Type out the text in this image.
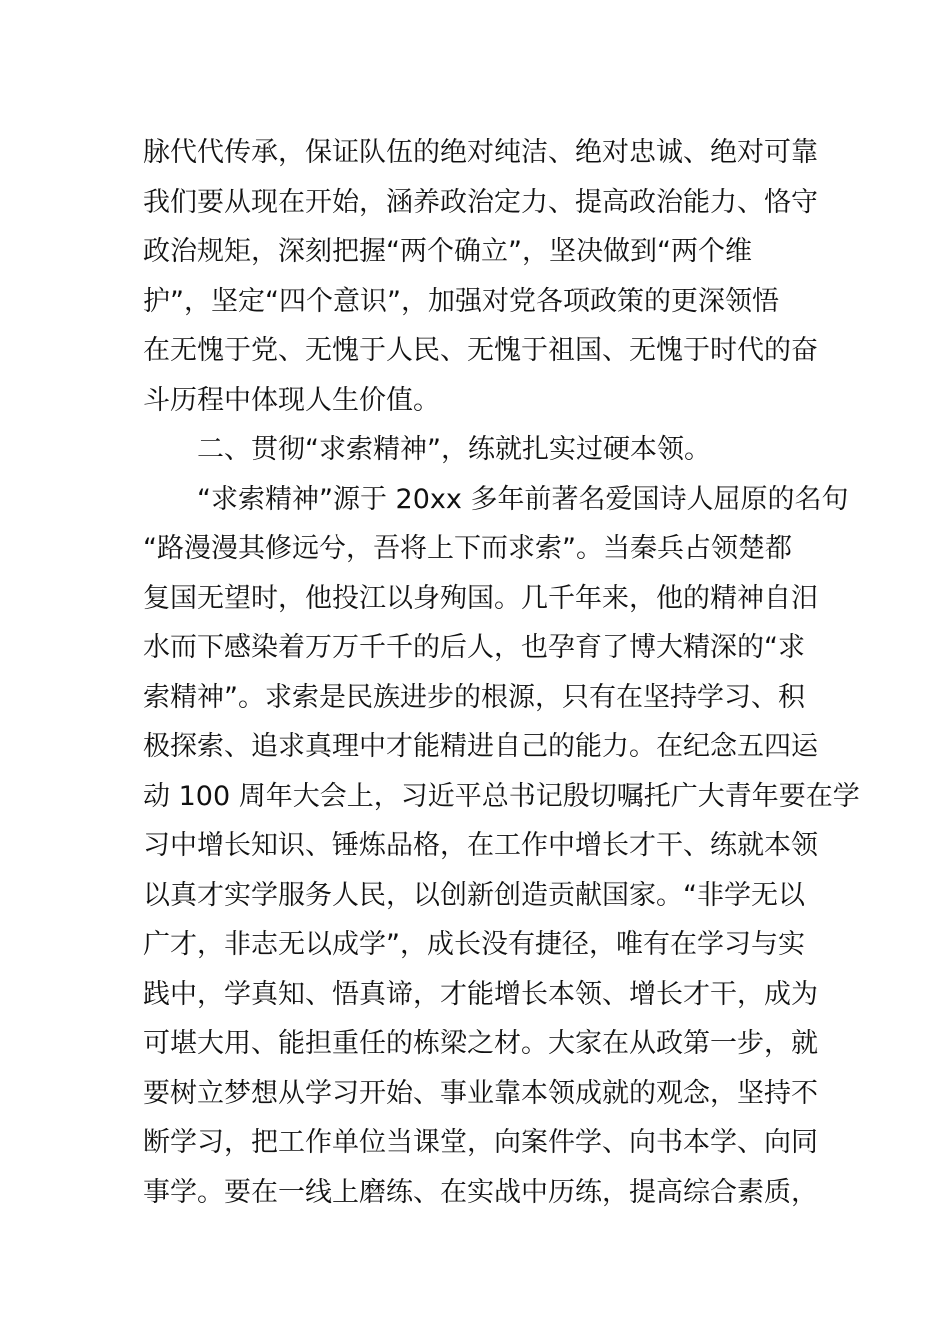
脉代代传承，保证队伍的绝对纯洁、绝对忠诚、绝对可靠
我们要从现在开始，涵养政治定力、提高政治能力、恪守
政治规矩，深刻把握“两个确立”，坚决做到“两个维
护”，坚定“四个意识”，加强对党各项政策的更深领悟
在无愧于党、无愧于人民、无愧于祖国、无愧于时代的奋
斗历程中体现人生价值。
二、贯彻“求索精神”，练就扎实过硬本领。
“求索精神”源于 20xx 多年前著名爱国诗人屈原的名句
“路漫漫其修远兮，吾将上下而求索”。当秦兵占领楚都
复国无望时，他投江以身殉国。几千年来，他的精神自汨
水而下感染着万万千千的后人，也孕育了博大精深的“求
索精神”。求索是民族进步的根源，只有在坚持学习、积
极探索、追求真理中才能精进自己的能力。在纪念五四运
动 100 周年大会上，习近平总书记殷切嘱托广大青年要在学
习中增长知识、锤炼品格，在工作中增长才干、练就本领
以真才实学服务人民，以创新创造贡献国家。“非学无以
广才，非志无以成学”，成长没有捷径，唯有在学习与实
践中，学真知、悟真谛，才能增长本领、增长才干，成为
可堪大用、能担重任的栋梁之材。大家在从政第一步，就
要树立梦想从学习开始、事业靠本领成就的观念，坚持不
断学习，把工作单位当课堂，向案件学、向书本学、向同
事学。要在一线上磨练、在实战中历练，提高综合素质，
